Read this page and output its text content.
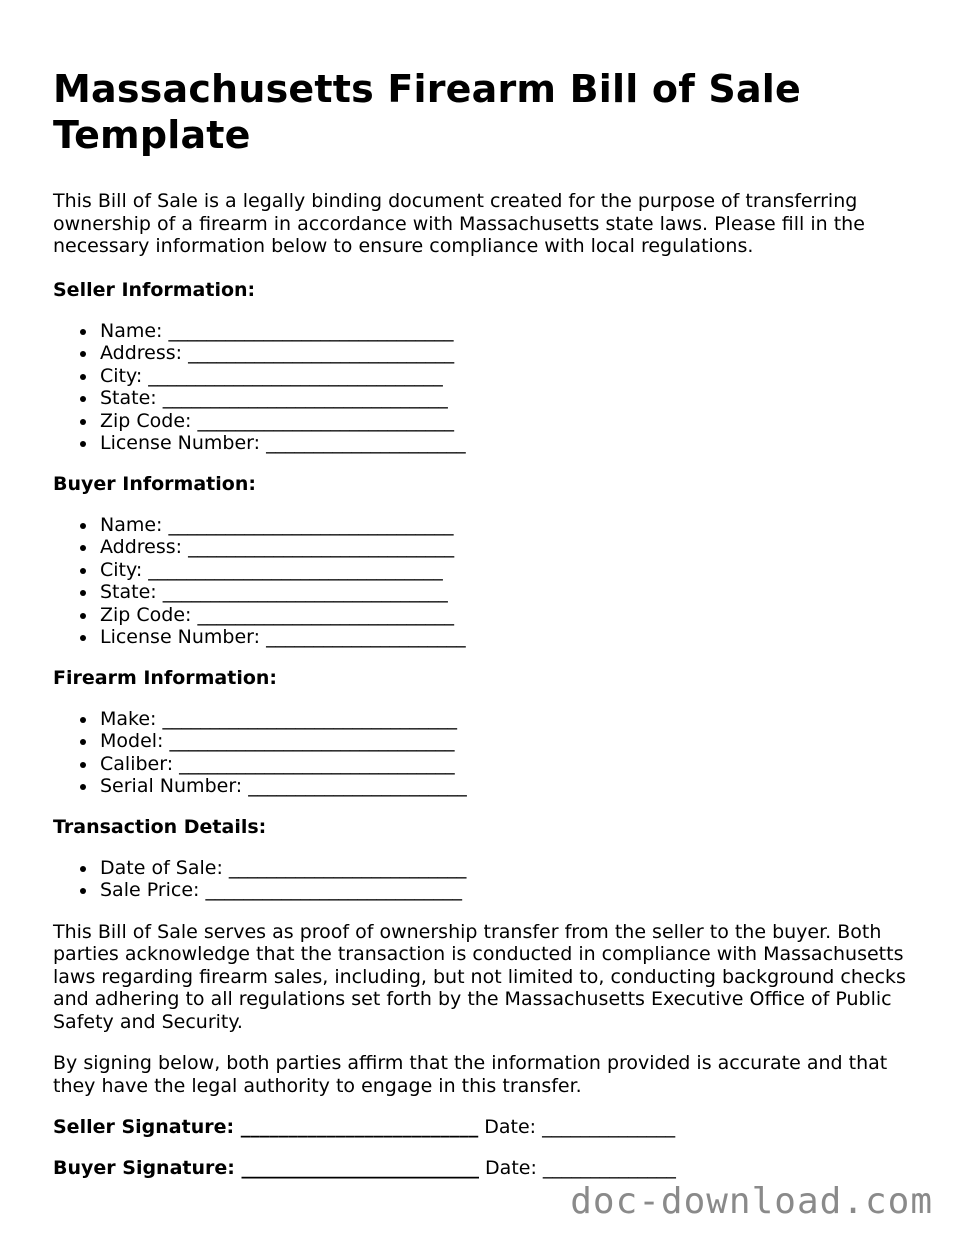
Massachusetts Firearm Bill of Sale Template

This Bill of Sale is a legally binding document created for the purpose of transferring ownership of a firearm in accordance with Massachusetts state laws. Please fill in the necessary information below to ensure compliance with local regulations.

Seller Information:
Name: ______________________________
Address: ____________________________
City: _______________________________
State: ______________________________
Zip Code: ___________________________
License Number: _____________________
Buyer Information:
Name: ______________________________
Address: ____________________________
City: _______________________________
State: ______________________________
Zip Code: ___________________________
License Number: _____________________
Firearm Information:
Make: _______________________________
Model: ______________________________
Caliber: _____________________________
Serial Number: _______________________
Transaction Details:
Date of Sale: _________________________
Sale Price: ___________________________

This Bill of Sale serves as proof of ownership transfer from the seller to the buyer. Both parties acknowledge that the transaction is conducted in compliance with Massachusetts laws regarding firearm sales, including, but not limited to, conducting background checks and adhering to all regulations set forth by the Massachusetts Executive Office of Public Safety and Security.

By signing below, both parties affirm that the information provided is accurate and that they have the legal authority to engage in this transfer.

Seller Signature: _________________________ Date: ______________

Buyer Signature: _________________________ Date: ______________

doc-download.com
